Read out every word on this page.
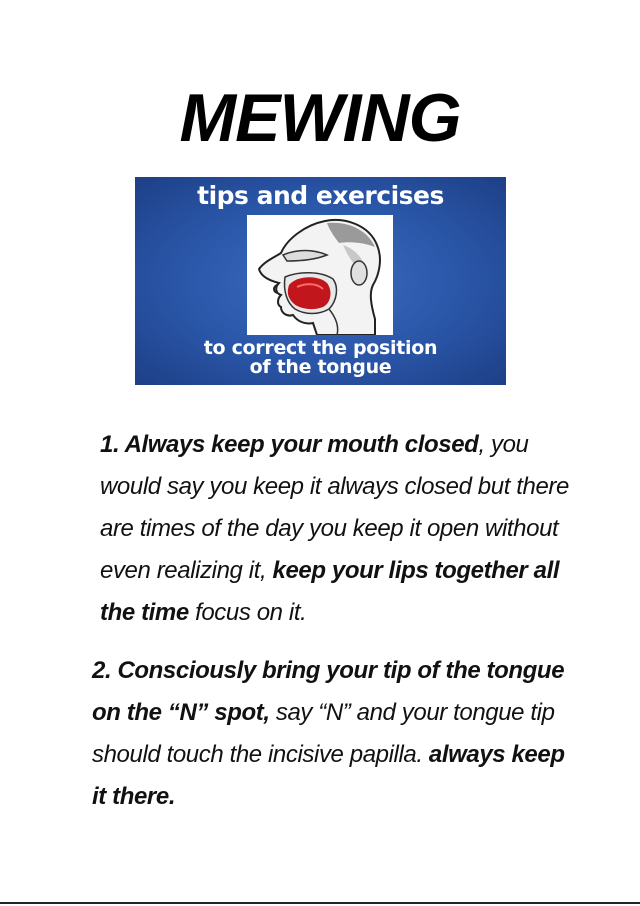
MEWING
tips and exercises
to correct the position
of the tongue

1. Always keep your mouth closed, you would say you keep it always closed but there are times of the day you keep it open without even realizing it, keep your lips together all the time focus on it.

2. Consciously bring your tip of the tongue on the “N” spot, say “N” and your tongue tip should touch the incisive papilla. always keep it there.
